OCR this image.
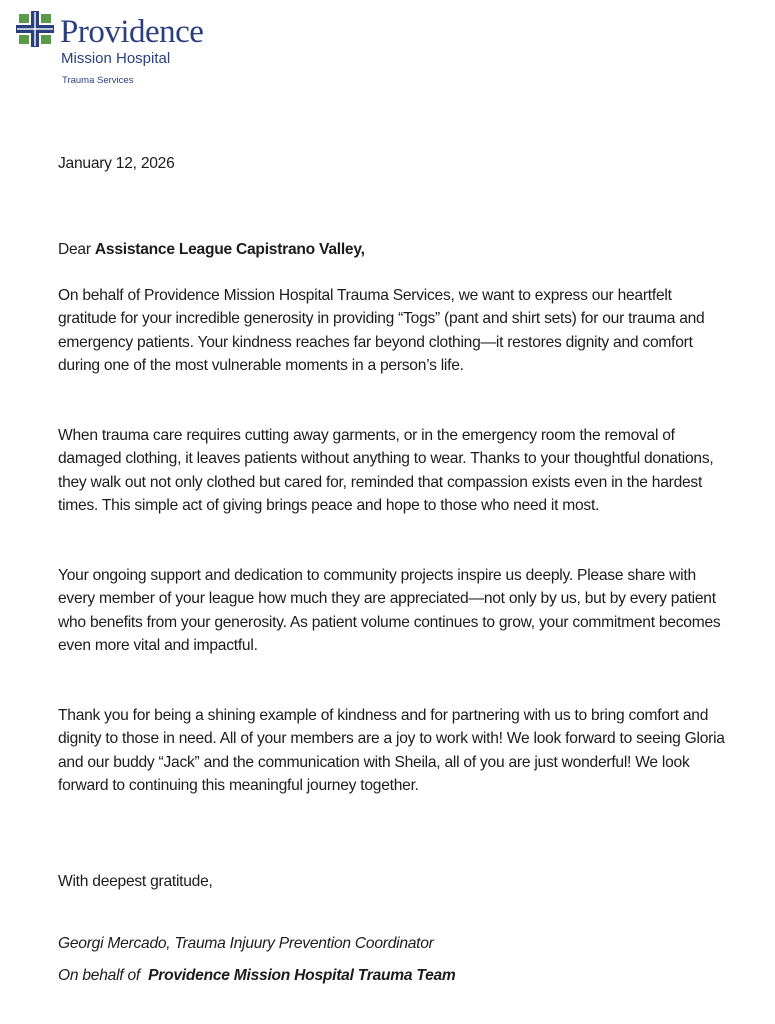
Providence
Mission Hospital
Trauma Services
January 12, 2026
Dear Assistance League Capistrano Valley,

On behalf of Providence Mission Hospital Trauma Services, we want to express our heartfelt gratitude for your incredible generosity in providing “Togs” (pant and shirt sets) for our trauma and emergency patients. Your kindness reaches far beyond clothing—it restores dignity and comfort during one of the most vulnerable moments in a person’s life.

When trauma care requires cutting away garments, or in the emergency room the removal of damaged clothing, it leaves patients without anything to wear. Thanks to your thoughtful donations, they walk out not only clothed but cared for, reminded that compassion exists even in the hardest times. This simple act of giving brings peace and hope to those who need it most.

Your ongoing support and dedication to community projects inspire us deeply. Please share with every member of your league how much they are appreciated—not only by us, but by every patient who benefits from your generosity. As patient volume continues to grow, your commitment becomes even more vital and impactful.

Thank you for being a shining example of kindness and for partnering with us to bring comfort and dignity to those in need. All of your members are a joy to work with! We look forward to seeing Gloria and our buddy “Jack” and the communication with Sheila, all of you are just wonderful! We look forward to continuing this meaningful journey together.

With deepest gratitude,
Georgi Mercado, Trauma Injuury Prevention Coordinator
On behalf of  Providence Mission Hospital Trauma Team
